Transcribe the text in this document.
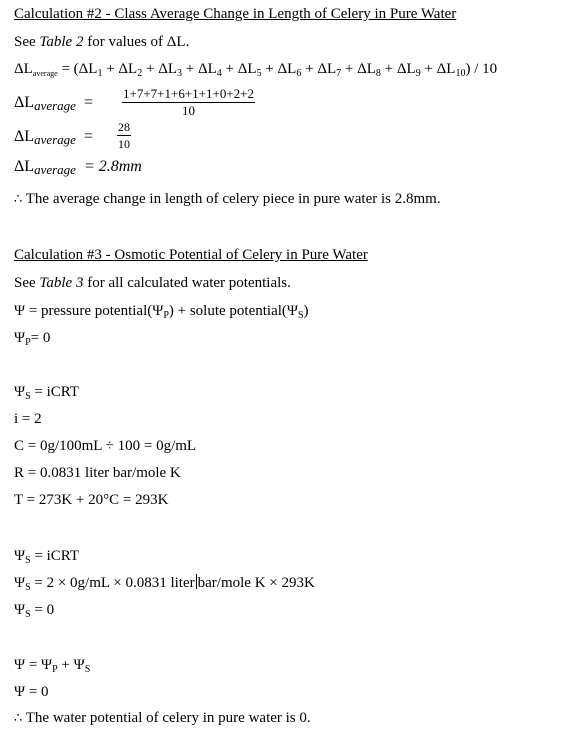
Calculation #2 - Class Average Change in Length of Celery in Pure Water
See Table 2 for values of ΔL.
$\Delta L_{average} = (\Delta L_1 + \Delta L_2 + \Delta L_3 + \Delta L_4 + \Delta L_5 + \Delta L_6 + \Delta L_7 + \Delta L_8 + \Delta L_9 + \Delta L_{10}) / 10$
ΔLaverage = $\frac{1+7+7+1+6+1+1+0+2+2}{10}$
ΔLaverage = $\frac{28}{10}$
ΔLaverage = 2.8mm
∴ The average change in length of celery piece in pure water is 2.8mm.
Calculation #3 - Osmotic Potential of Celery in Pure Water
See Table 3 for all calculated water potentials.
Ψ = pressure $potential(\Psi_P)$ + solute $potential(\Psi_S)$
$\Psi_P= 0$
$\Psi_S$ = iCRT
i = 2
C = 0g/100mL ÷ 100 = 0g/mL
R = 0.0831 liter bar/mole K
T = 273K + 20°C = 293K
$\Psi_S$ = iCRT
$\Psi_S = 2 \times 0g/mL \times 0.0831$ liter bar/mole K × 293K
$\Psi_S = 0$
$\Psi = \Psi_P + \Psi_S$
Ψ = 0
∴ The water potential of celery in pure water is 0.
